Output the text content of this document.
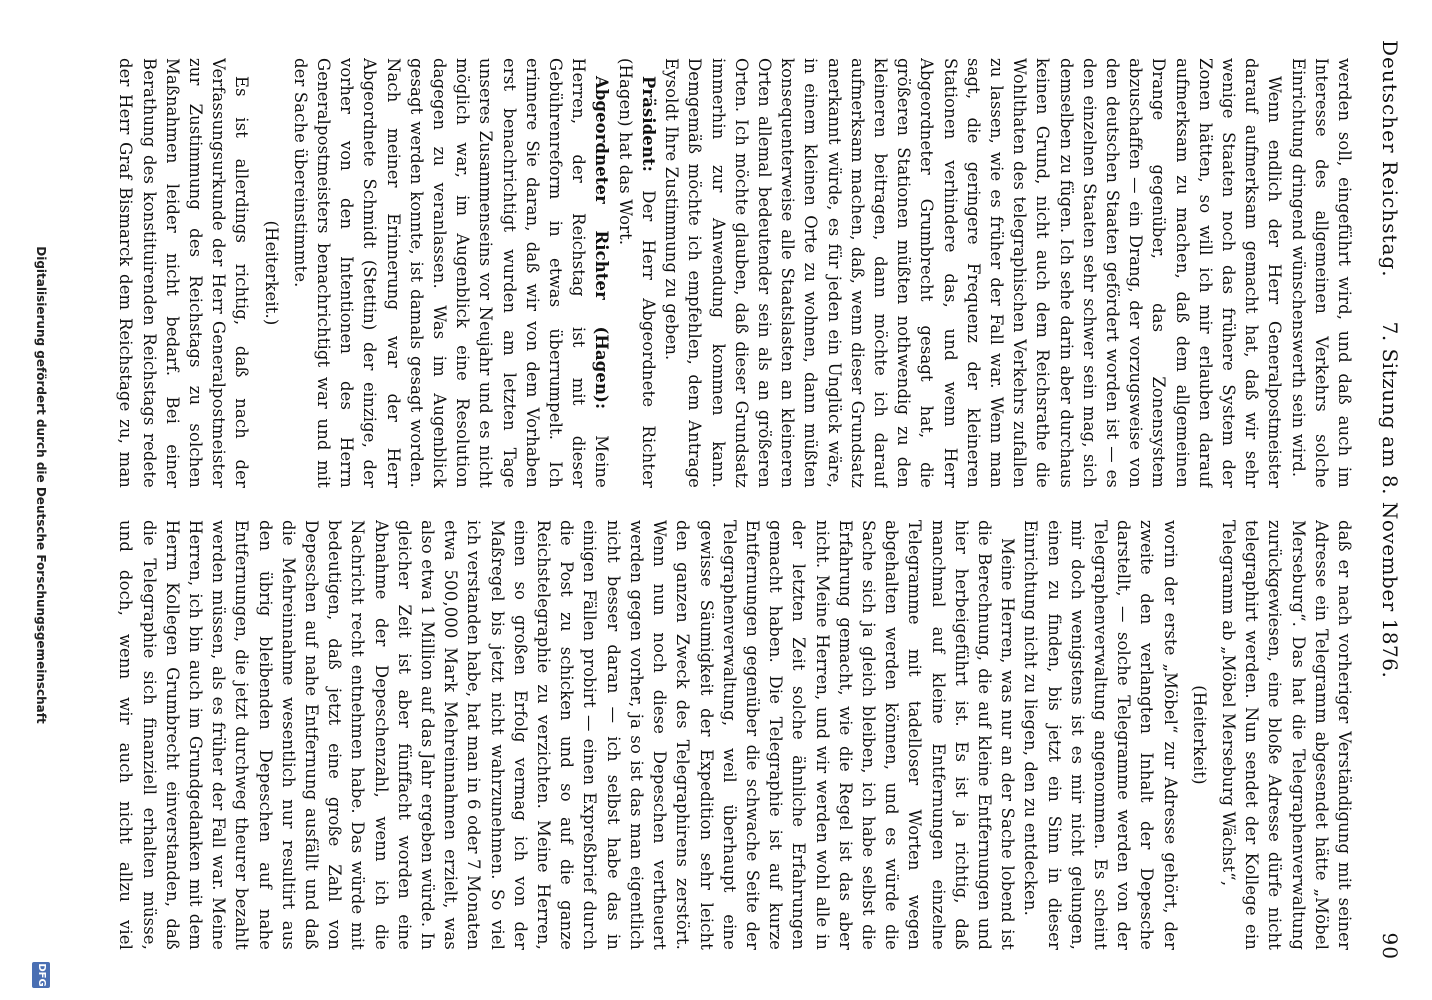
Deutscher Reichstag.
7. Sitzung am 8. November 1876.
90

werden soll, eingeführt wird, und daß auch im Interesse des allgemeinen Verkehrs solche Einrichtung dringend wünschenswerth sein wird.

Wenn endlich der Herr Generalpostmeister darauf aufmerksam gemacht hat, daß wir sehr wenige Staaten noch das frühere System der Zonen hätten, so will ich mir erlauben darauf aufmerksam zu machen, daß dem allgemeinen Drange gegenüber, das Zonensystem abzuschaffen — ein Drang, der vorzugsweise von den deutschen Staaten gefördert worden ist — es den einzelnen Staaten sehr schwer sein mag, sich demselben zu fügen. Ich sehe darin aber durchaus keinen Grund, nicht auch dem Reichsrathe die Wohlthaten des telegraphischen Verkehrs zufallen zu lassen, wie es früher der Fall war. Wenn man sagt, die geringere Frequenz der kleineren Stationen verhindere das, und wenn Herr Abgeordneter Grumbrecht gesagt hat, die größeren Stationen müßten nothwendig zu den kleineren beitragen, dann möchte ich darauf aufmerksam machen, daß, wenn dieser Grundsatz anerkannt würde, es für jeden ein Unglück wäre, in einem kleinen Orte zu wohnen, dann müßten konsequenterweise alle Staatslasten an kleineren Orten allemal bedeutender sein als an größeren Orten. Ich möchte glauben, daß dieser Grundsatz immerhin zur Anwendung kommen kann. Demgemäß möchte ich empfehlen, dem Antrage Eysoldt Ihre Zustimmung zu geben.

Präsident: Der Herr Abgeordnete Richter (Hagen) hat das Wort.

Abgeordneter Richter (Hagen): Meine Herren, der Reichstag ist mit dieser Gebührenreform in etwas überrumpelt. Ich erinnere Sie daran, daß wir von dem Vorhaben erst benachrichtigt wurden am letzten Tage unseres Zusammenseins vor Neujahr und es nicht möglich war, im Augenblick eine Resolution dagegen zu veranlassen. Was im Augenblick gesagt werden konnte, ist damals gesagt worden. Nach meiner Erinnerung war der Herr Abgeordnete Schmidt (Stettin) der einzige, der vorher von den Intentionen des Herrn Generalpostmeisters benachrichtigt war und mit der Sache übereinstimmte.

(Heiterkeit.)

Es ist allerdings richtig, daß nach der Verfassungsurkunde der Herr Generalpostmeister zur Zustimmung des Reichstags zu solchen Maßnahmen leider nicht bedarf. Bei einer Berathung des konstituirenden Reichstags redete der Herr Graf Bismarck dem Reichstage zu, man

daß er nach vorheriger Verständigung mit seiner Adresse ein Telegramm abgesendet hätte „Möbel Merseburg“. Das hat die Telegraphenverwaltung zurückgewiesen, eine bloße Adresse dürfe nicht telegraphirt werden. Nun sendet der Kollege ein Telegramm ab „Möbel Merseburg Wächst“,

(Heiterkeit)

worin der erste „Möbel“ zur Adresse gehört, der zweite den verlangten Inhalt der Depesche darstellt, — solche Telegramme werden von der Telegraphenverwaltung angenommen. Es scheint mir doch wenigstens ist es mir nicht gelungen, einen zu finden, bis jetzt ein Sinn in dieser Einrichtung nicht zu liegen, den zu entdecken.

Meine Herren, was nur an der Sache lobend ist die Berechnung, die auf kleine Entfernungen und hier herbeigeführt ist. Es ist ja richtig, daß manchmal auf kleine Entfernungen einzelne Telegramme mit tadelloser Worten wegen abgehalten werden können, und es würde die Sache sich ja gleich bleiben, ich habe selbst die Erfahrung gemacht, wie die Regel ist das aber nicht. Meine Herren, und wir werden wohl alle in der letzten Zeit solche ähnliche Erfahrungen gemacht haben. Die Telegraphie ist auf kurze Entfernungen gegenüber die schwache Seite der Telegraphenverwaltung, weil überhaupt eine gewisse Säumigkeit der Expedition sehr leicht den ganzen Zweck des Telegraphirens zerstört. Wenn nun noch diese Depeschen vertheuert werden gegen vorher, ja so ist das man eigentlich nicht besser daran — ich selbst habe das in einigen Fällen probirt — einen Expreßbrief durch die Post zu schicken und so auf die ganze Reichstelegraphie zu verzichten. Meine Herren, einen so großen Erfolg vermag ich von der Maßregel bis jetzt nicht wahrzunehmen. So viel ich verstanden habe, hat man in 6 oder 7 Monaten etwa 500,000 Mark Mehreinnahmen erzielt, was also etwa 1 Million auf das Jahr ergeben würde. In gleicher Zeit ist aber fünffacht worden eine Abnahme der Depeschenzahl, wenn ich die Nachricht recht entnehmen habe. Das würde mit bedeutigen, daß jetzt eine große Zahl von Depeschen auf nahe Entfernung ausfällt und daß die Mehreinnahme wesentlich nur resultirt aus den übrig bleibenden Depeschen auf nahe Entfernungen, die jetzt durchweg theurer bezahlt werden müssen, als es früher der Fall war. Meine Herren, ich bin auch im Grundgedanken mit dem Herrn Kollegen Grumbrecht einverstanden, daß die Telegraphie sich finanziell erhalten müsse, und doch, wenn wir auch nicht allzu viel

Digitalisierung gefördert durch die Deutsche Forschungsgemeinschaft
DFG
